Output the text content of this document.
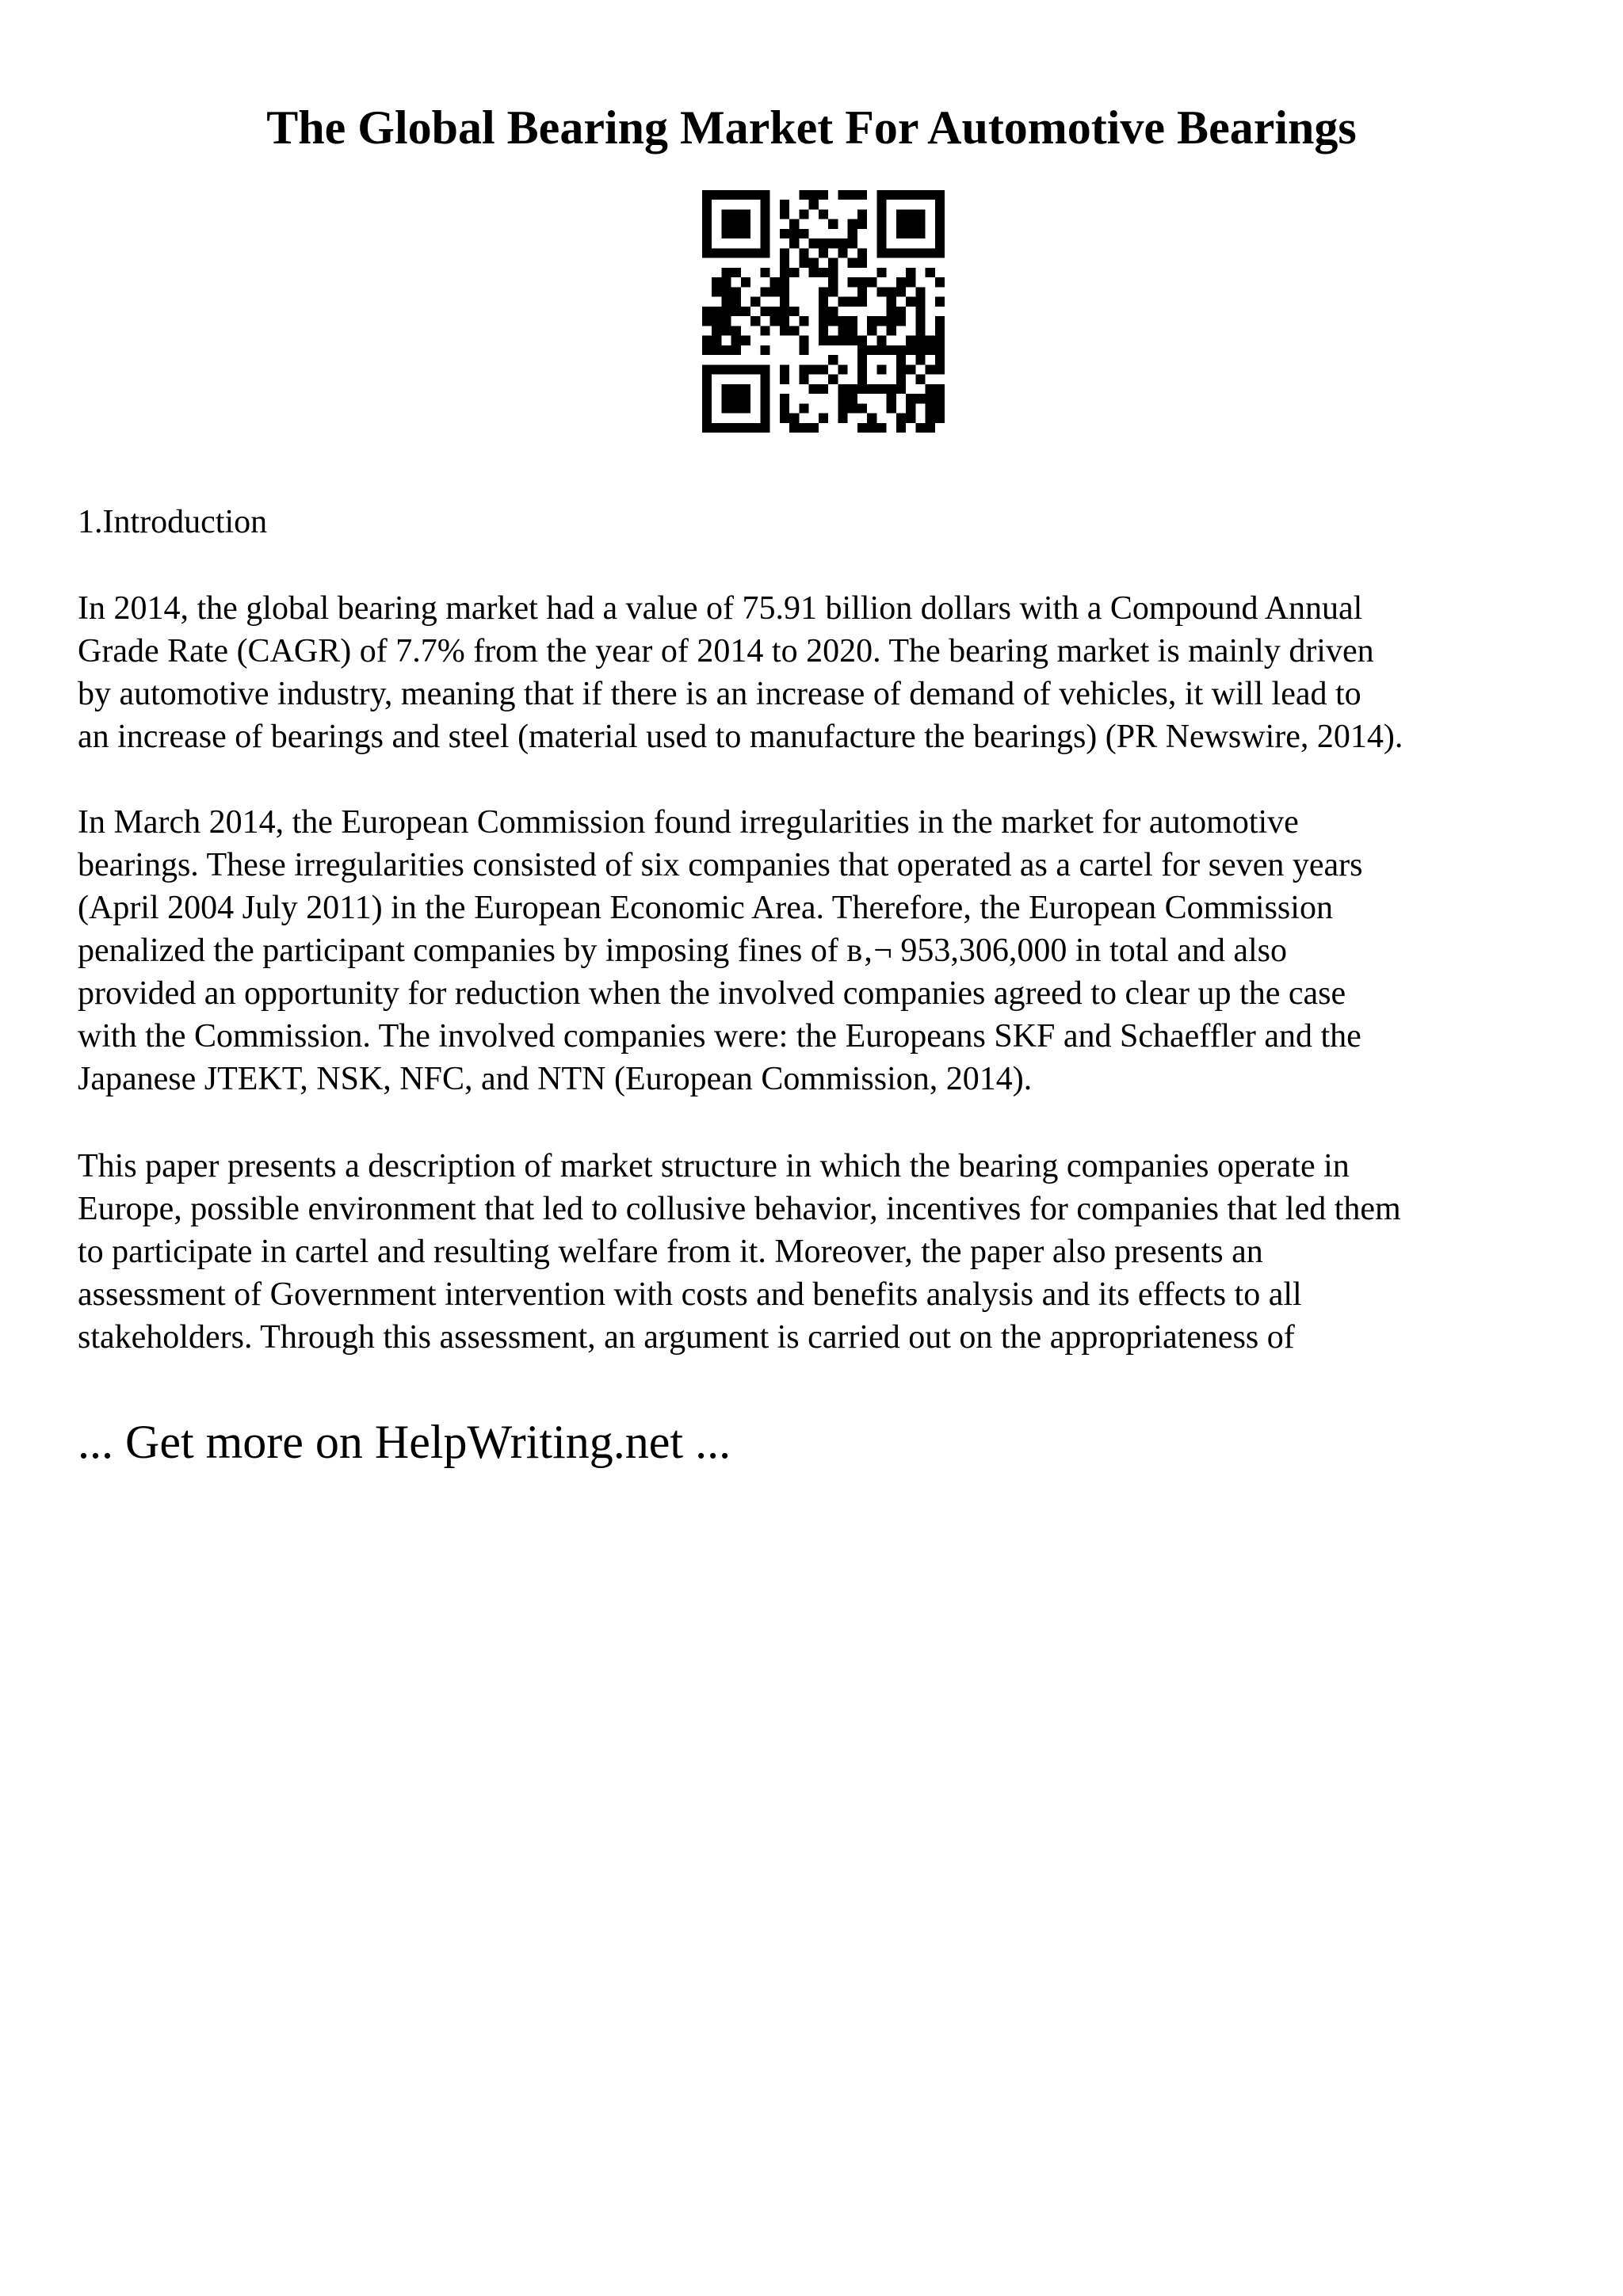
The Global Bearing Market For Automotive Bearings

1.Introduction

In 2014, the global bearing market had a value of 75.91 billion dollars with a Compound Annual
Grade Rate (CAGR) of 7.7% from the year of 2014 to 2020. The bearing market is mainly driven
by automotive industry, meaning that if there is an increase of demand of vehicles, it will lead to
an increase of bearings and steel (material used to manufacture the bearings) (PR Newswire, 2014).

In March 2014, the European Commission found irregularities in the market for automotive
bearings. These irregularities consisted of six companies that operated as a cartel for seven years
(April 2004 July 2011) in the European Economic Area. Therefore, the European Commission
penalized the participant companies by imposing fines of в‚¬ 953,306,000 in total and also
provided an opportunity for reduction when the involved companies agreed to clear up the case
with the Commission. The involved companies were: the Europeans SKF and Schaeffler and the
Japanese JTEKT, NSK, NFC, and NTN (European Commission, 2014).

This paper presents a description of market structure in which the bearing companies operate in
Europe, possible environment that led to collusive behavior, incentives for companies that led them
to participate in cartel and resulting welfare from it. Moreover, the paper also presents an
assessment of Government intervention with costs and benefits analysis and its effects to all
stakeholders. Through this assessment, an argument is carried out on the appropriateness of

... Get more on HelpWriting.net ...
